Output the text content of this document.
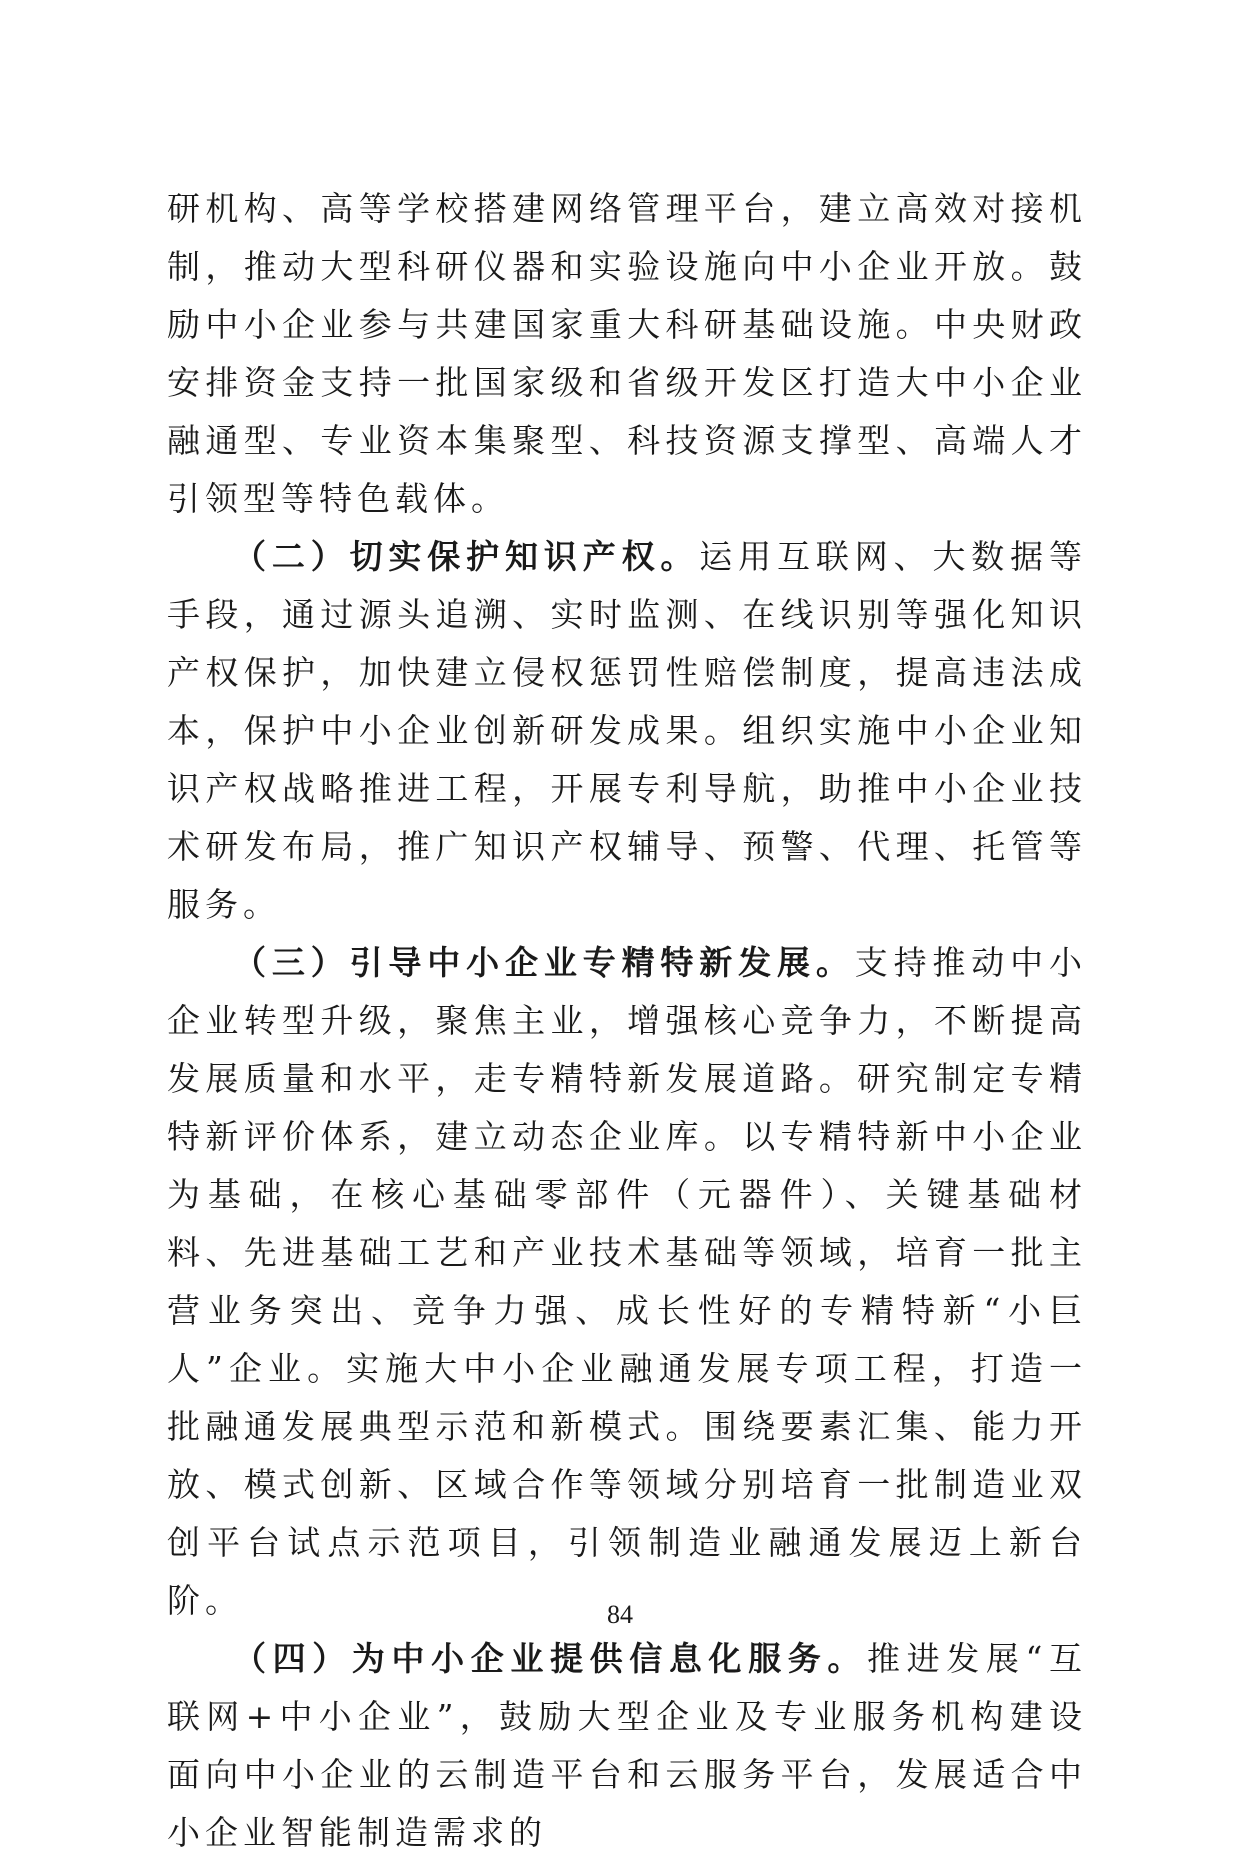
研机构、高等学校搭建网络管理平台，建立高效对接机制，推动大型科研仪器和实验设施向中小企业开放。鼓励中小企业参与共建国家重大科研基础设施。中央财政安排资金支持一批国家级和省级开发区打造大中小企业融通型、专业资本集聚型、科技资源支撑型、高端人才引领型等特色载体。

（二）切实保护知识产权。运用互联网、大数据等手段，通过源头追溯、实时监测、在线识别等强化知识产权保护，加快建立侵权惩罚性赔偿制度，提高违法成本，保护中小企业创新研发成果。组织实施中小企业知识产权战略推进工程，开展专利导航，助推中小企业技术研发布局，推广知识产权辅导、预警、代理、托管等服务。

（三）引导中小企业专精特新发展。支持推动中小企业转型升级，聚焦主业，增强核心竞争力，不断提高发展质量和水平，走专精特新发展道路。研究制定专精特新评价体系，建立动态企业库。以专精特新中小企业为基础，在核心基础零部件（元器件）、关键基础材料、先进基础工艺和产业技术基础等领域，培育一批主营业务突出、竞争力强、成长性好的专精特新“小巨人”企业。实施大中小企业融通发展专项工程，打造一批融通发展典型示范和新模式。围绕要素汇集、能力开放、模式创新、区域合作等领域分别培育一批制造业双创平台试点示范项目，引领制造业融通发展迈上新台阶。

（四）为中小企业提供信息化服务。推进发展“互联网+中小企业”，鼓励大型企业及专业服务机构建设面向中小企业的云制造平台和云服务平台，发展适合中小企业智能制造需求的

84
